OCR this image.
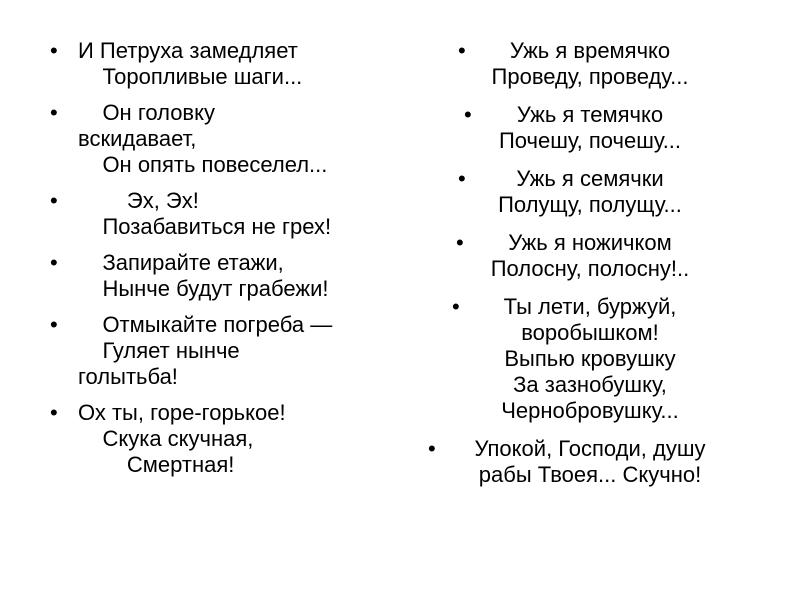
• И Петруха замедляет
Торопливые шаги...
• Он головку
вскидавает,
Он опять повеселел...
• Эх, Эх!
Позабавиться не грех!
• Запирайте етажи,
Нынче будут грабежи!
• Отмыкайте погреба —
Гуляет нынче
голытьба!
• Ох ты, горе-горькое!
Скука скучная,
Смертная!
•	Ужь я времячко
Проведу, проведу...
•	Ужь я темячко
Почешу, почешу...
•	Ужь я семячки
Полущу, полущу...
•	Ужь я ножичком
Полосну, полосну!..
•	Ты лети, буржуй,
воробышком!
Выпью кровушку
За зазнобушку,
Чернобровушку...
•	Упокой, Господи, душу
рабы Твоея... Скучно!
